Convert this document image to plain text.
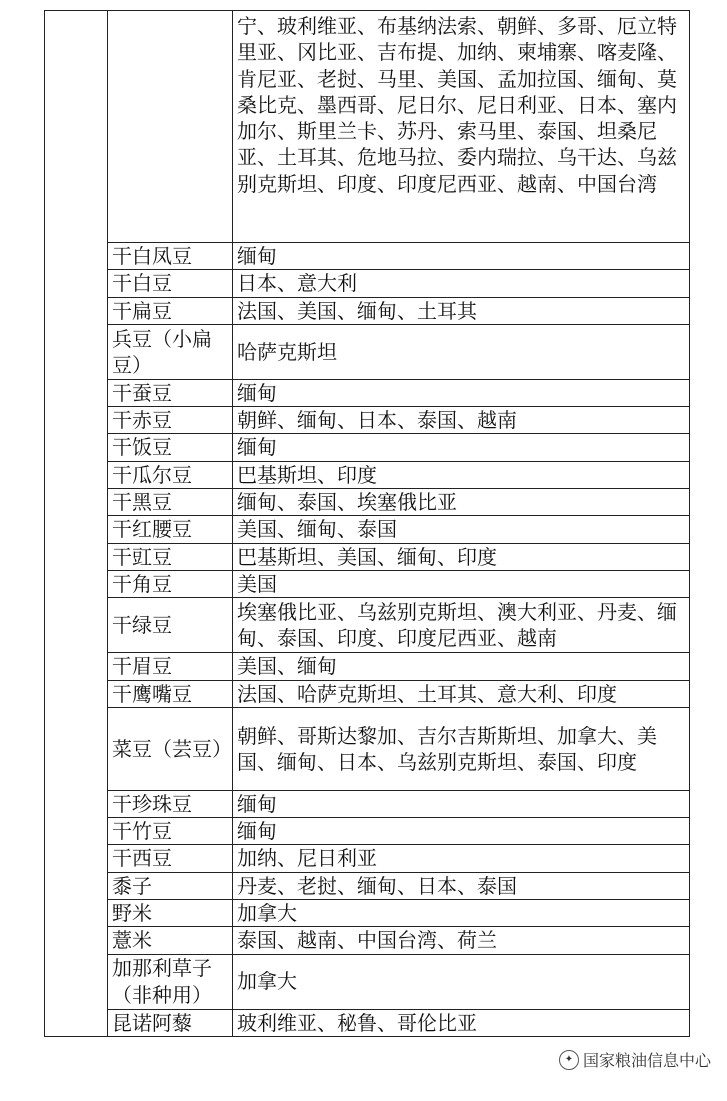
		宁、玻利维亚、布基纳法索、朝鲜、多哥、厄立特里亚、冈比亚、吉布提、加纳、柬埔寨、喀麦隆、肯尼亚、老挝、马里、美国、孟加拉国、缅甸、莫桑比克、墨西哥、尼日尔、尼日利亚、日本、塞内加尔、斯里兰卡、苏丹、索马里、泰国、坦桑尼亚、土耳其、危地马拉、委内瑞拉、乌干达、乌兹别克斯坦、印度、印度尼西亚、越南、中国台湾
	干白凤豆	缅甸
	干白豆	日本、意大利
	干扁豆	法国、美国、缅甸、土耳其
	兵豆（小扁豆）	哈萨克斯坦
	干蚕豆	缅甸
	干赤豆	朝鲜、缅甸、日本、泰国、越南
	干饭豆	缅甸
	干瓜尔豆	巴基斯坦、印度
	干黑豆	缅甸、泰国、埃塞俄比亚
	干红腰豆	美国、缅甸、泰国
	干豇豆	巴基斯坦、美国、缅甸、印度
	干角豆	美国
	干绿豆	埃塞俄比亚、乌兹别克斯坦、澳大利亚、丹麦、缅甸、泰国、印度、印度尼西亚、越南
	干眉豆	美国、缅甸
	干鹰嘴豆	法国、哈萨克斯坦、土耳其、意大利、印度
	菜豆（芸豆）	朝鲜、哥斯达黎加、吉尔吉斯斯坦、加拿大、美国、缅甸、日本、乌兹别克斯坦、泰国、印度
	干珍珠豆	缅甸
	干竹豆	缅甸
	干西豆	加纳、尼日利亚
	黍子	丹麦、老挝、缅甸、日本、泰国
	野米	加拿大
	薏米	泰国、越南、中国台湾、荷兰
	加那利草子（非种用）	加拿大
	昆诺阿藜	玻利维亚、秘鲁、哥伦比亚
✦ 国家粮油信息中心
